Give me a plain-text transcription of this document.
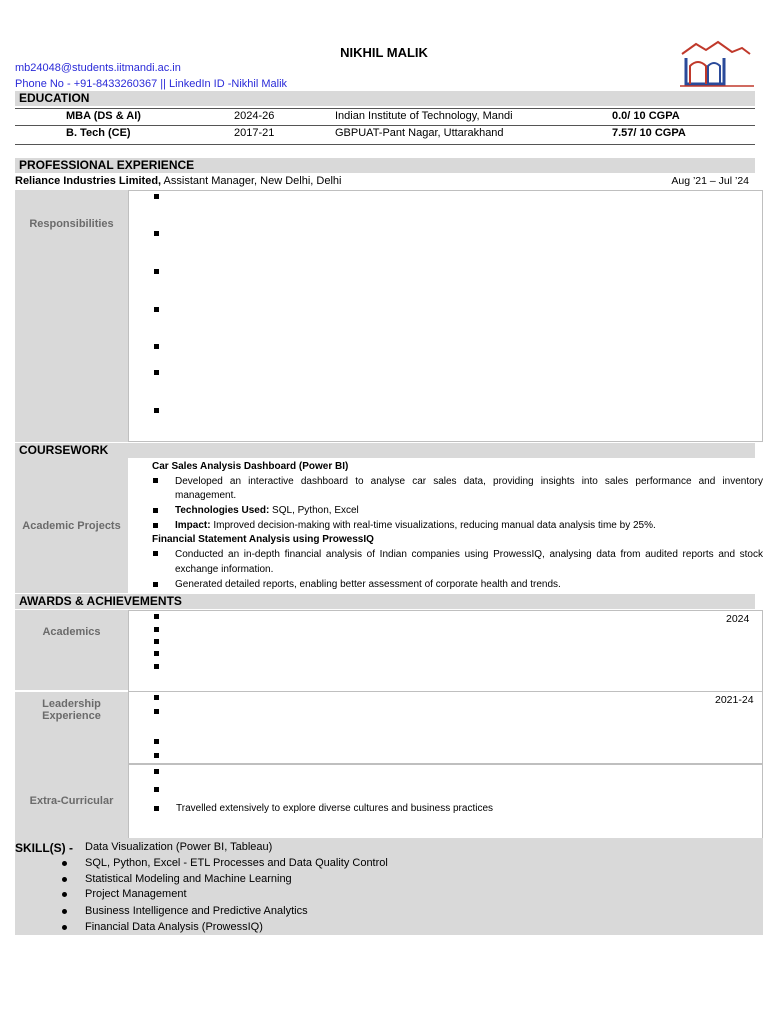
NIKHIL MALIK
mb24048@students.iitmandi.ac.in
Phone No - +91-8433260367 || LinkedIn ID -Nikhil Malik
EDUCATION
MBA (DS & AI)	2024-26	Indian Institute of Technology, Mandi	0.0/ 10 CGPA
B. Tech (CE)	2017-21	GBPUAT-Pant Nagar, Uttarakhand	7.57/ 10 CGPA
PROFESSIONAL EXPERIENCE
Reliance Industries Limited, Assistant Manager, New Delhi, Delhi	Aug ’21 – Jul ’24
Responsibilities
COURSEWORK
Academic Projects
Car Sales Analysis Dashboard (Power BI)
Developed an interactive dashboard to analyse car sales data, providing insights into sales performance and inventory
management.
Technologies Used: SQL, Python, Excel
Impact: Improved decision-making with real-time visualizations, reducing manual data analysis time by 25%.
Financial Statement Analysis using ProwessIQ
Conducted an in-depth financial analysis of Indian companies using ProwessIQ, analysing data from audited reports and stock
exchange information.
Generated detailed reports, enabling better assessment of corporate health and trends.
AWARDS & ACHIEVEMENTS
Academics
2024
Leadership
Experience
2021-24
Extra-Curricular
Travelled extensively to explore diverse cultures and business practices
SKILL(S) - Data Visualization (Power BI, Tableau)
SQL, Python, Excel - ETL Processes and Data Quality Control
Statistical Modeling and Machine Learning
Project Management
Business Intelligence and Predictive Analytics
Financial Data Analysis (ProwessIQ)
